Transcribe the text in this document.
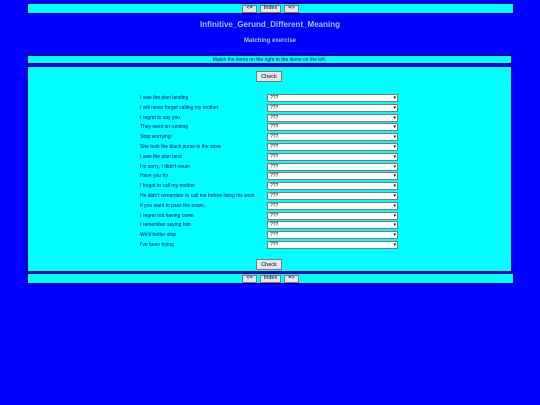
<=	Index	=>
Infinitive_Gerund_Different_Meaning
Matching exercise
Match the items on the right to the items on the left.
Check
I saw the plan landing	???	▾
I will never forget calling my mother	???	▾
I regret to say you	???	▾
They went on running	???	▾
Stop worrying!	???	▾
She took the black purse in the store	???	▾
I saw the plan land	???	▾
I'm sorry, I didn't mean	???	▾
Have you try	???	▾
I forgot to call my mother	???	▾
He didn't remember to call me before living his work	???	▾
If you want to pass the exam,	???	▾
I regret not having come	???	▾
I remember saying him	???	▾
We'd better stop	???	▾
I've been trying	???	▾
Check
<=	Index	=>
